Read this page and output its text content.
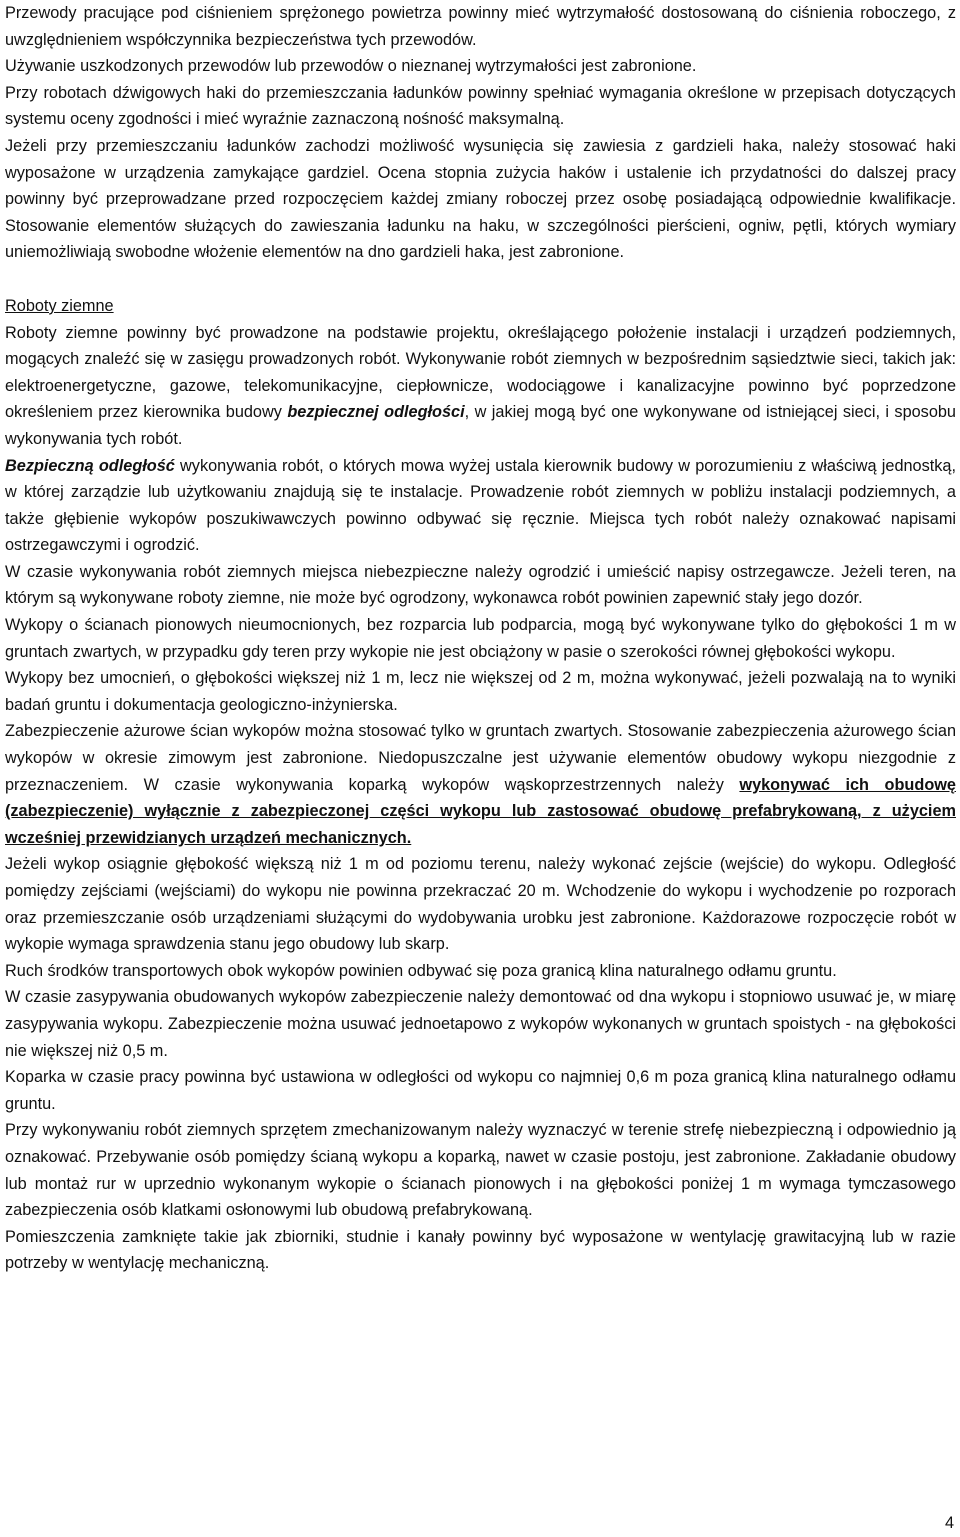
Przewody pracujące pod ciśnieniem sprężonego powietrza powinny mieć wytrzymałość dostosowaną do ciśnienia roboczego, z uwzględnieniem współczynnika bezpieczeństwa tych przewodów.

Używanie uszkodzonych przewodów lub przewodów o nieznanej wytrzymałości jest zabronione.

Przy robotach dźwigowych haki do przemieszczania ładunków powinny spełniać wymagania określone w przepisach dotyczących systemu oceny zgodności i mieć wyraźnie zaznaczoną nośność maksymalną.

Jeżeli przy przemieszczaniu ładunków zachodzi możliwość wysunięcia się zawiesia z gardzieli haka, należy stosować haki wyposażone w urządzenia zamykające gardziel. Ocena stopnia zużycia haków i ustalenie ich przydatności do dalszej pracy powinny być przeprowadzane przed rozpoczęciem każdej zmiany roboczej przez osobę posiadającą odpowiednie kwalifikacje. Stosowanie elementów służących do zawieszania ładunku na haku, w szczególności pierścieni, ogniw, pętli, których wymiary uniemożliwiają swobodne włożenie elementów na dno gardzieli haka, jest zabronione.

Roboty ziemne

Roboty ziemne powinny być prowadzone na podstawie projektu, określającego położenie instalacji i urządzeń podziemnych, mogących znaleźć się w zasięgu prowadzonych robót. Wykonywanie robót ziemnych w bezpośrednim sąsiedztwie sieci, takich jak: elektroenergetyczne, gazowe, telekomunikacyjne, ciepłownicze, wodociągowe i kanalizacyjne powinno być poprzedzone określeniem przez kierownika budowy bezpiecznej odległości, w jakiej mogą być one wykonywane od istniejącej sieci, i sposobu wykonywania tych robót.

Bezpieczną odległość wykonywania robót, o których mowa wyżej ustala kierownik budowy w porozumieniu z właściwą jednostką, w której zarządzie lub użytkowaniu znajdują się te instalacje. Prowadzenie robót ziemnych w pobliżu instalacji podziemnych, a także głębienie wykopów poszukiwawczych powinno odbywać się ręcznie. Miejsca tych robót należy oznakować napisami ostrzegawczymi i ogrodzić.

W czasie wykonywania robót ziemnych miejsca niebezpieczne należy ogrodzić i umieścić napisy ostrzegawcze. Jeżeli teren, na którym są wykonywane roboty ziemne, nie może być ogrodzony, wykonawca robót powinien zapewnić stały jego dozór.

Wykopy o ścianach pionowych nieumocnionych, bez rozparcia lub podparcia, mogą być wykonywane tylko do głębokości 1 m w gruntach zwartych, w przypadku gdy teren przy wykopie nie jest obciążony w pasie o szerokości równej głębokości wykopu.

Wykopy bez umocnień, o głębokości większej niż 1 m, lecz nie większej od 2 m, można wykonywać, jeżeli pozwalają na to wyniki badań gruntu i dokumentacja geologiczno-inżynierska.

Zabezpieczenie ażurowe ścian wykopów można stosować tylko w gruntach zwartych. Stosowanie zabezpieczenia ażurowego ścian wykopów w okresie zimowym jest zabronione. Niedopuszczalne jest używanie elementów obudowy wykopu niezgodnie z przeznaczeniem. W czasie wykonywania koparką wykopów wąskoprzestrzennych należy wykonywać ich obudowę (zabezpieczenie) wyłącznie z zabezpieczonej części wykopu lub zastosować obudowę prefabrykowaną, z użyciem wcześniej przewidzianych urządzeń mechanicznych.

Jeżeli wykop osiągnie głębokość większą niż 1 m od poziomu terenu, należy wykonać zejście (wejście) do wykopu. Odległość pomiędzy zejściami (wejściami) do wykopu nie powinna przekraczać 20 m. Wchodzenie do wykopu i wychodzenie po rozporach oraz przemieszczanie osób urządzeniami służącymi do wydobywania urobku jest zabronione. Każdorazowe rozpoczęcie robót w wykopie wymaga sprawdzenia stanu jego obudowy lub skarp.

Ruch środków transportowych obok wykopów powinien odbywać się poza granicą klina naturalnego odłamu gruntu.

W czasie zasypywania obudowanych wykopów zabezpieczenie należy demontować od dna wykopu i stopniowo usuwać je, w miarę zasypywania wykopu. Zabezpieczenie można usuwać jednoetapowo z wykopów wykonanych w gruntach spoistych - na głębokości nie większej niż 0,5 m.

Koparka w czasie pracy powinna być ustawiona w odległości od wykopu co najmniej 0,6 m poza granicą klina naturalnego odłamu gruntu.

Przy wykonywaniu robót ziemnych sprzętem zmechanizowanym należy wyznaczyć w terenie strefę niebezpieczną i odpowiednio ją oznakować. Przebywanie osób pomiędzy ścianą wykopu a koparką, nawet w czasie postoju, jest zabronione. Zakładanie obudowy lub montaż rur w uprzednio wykonanym wykopie o ścianach pionowych i na głębokości poniżej 1 m wymaga tymczasowego zabezpieczenia osób klatkami osłonowymi lub obudową prefabrykowaną.

Pomieszczenia zamknięte takie jak zbiorniki, studnie i kanały powinny być wyposażone w wentylację grawitacyjną lub w razie potrzeby w wentylację mechaniczną.

4
